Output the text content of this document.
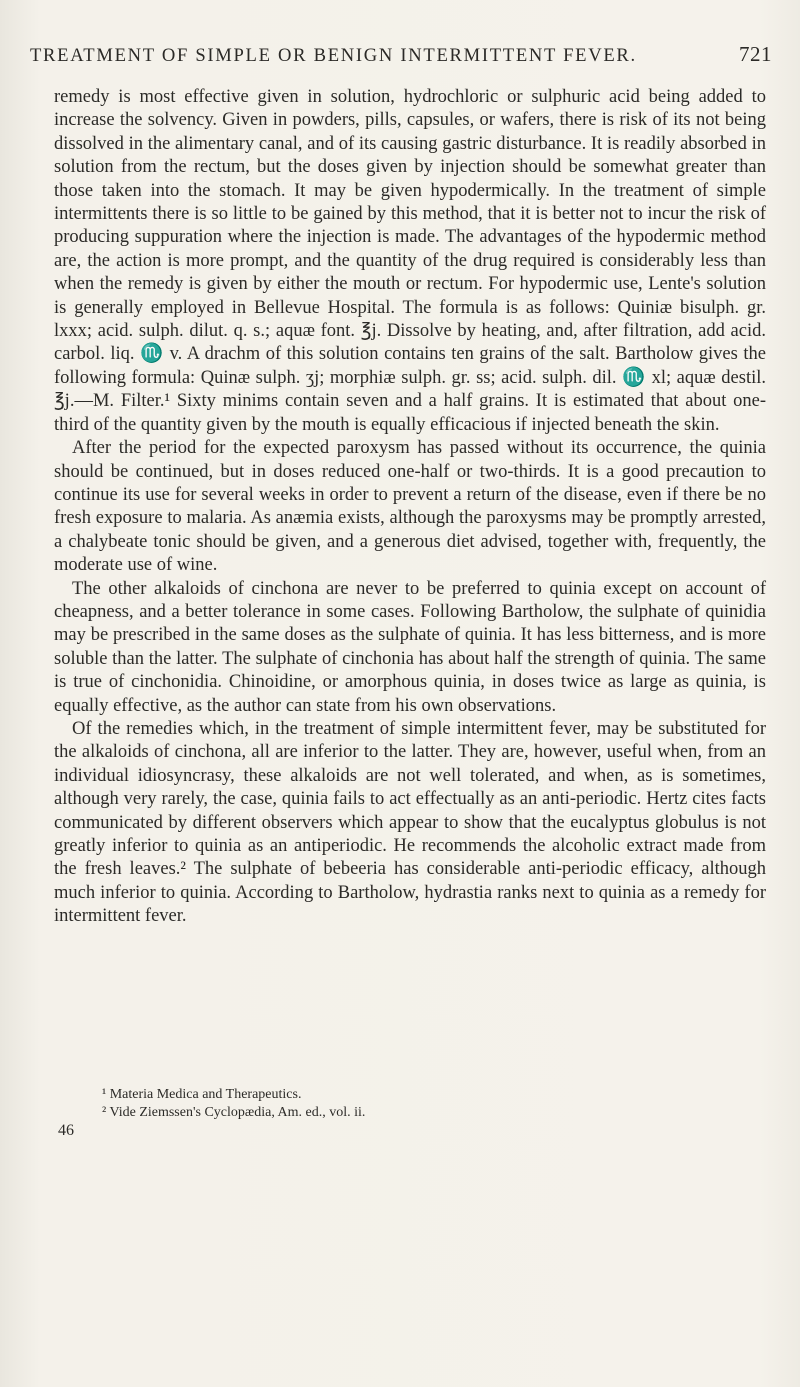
TREATMENT OF SIMPLE OR BENIGN INTERMITTENT FEVER.	721

remedy is most effective given in solution, hydrochloric or sulphuric acid being added to increase the solvency. Given in powders, pills, capsules, or wafers, there is risk of its not being dissolved in the alimentary canal, and of its causing gastric disturbance. It is readily absorbed in solution from the rectum, but the doses given by injection should be somewhat greater than those taken into the stomach. It may be given hypodermically. In the treatment of simple intermittents there is so little to be gained by this method, that it is better not to incur the risk of producing suppuration where the injection is made. The advantages of the hypodermic method are, the action is more prompt, and the quantity of the drug required is considerably less than when the remedy is given by either the mouth or rectum. For hypodermic use, Lente's solution is generally employed in Bellevue Hospital. The formula is as follows: Quiniæ bisulph. gr. lxxx; acid. sulph. dilut. q. s.; aquæ font. ℥j. Dissolve by heating, and, after filtration, add acid. carbol. liq. ♏ v. A drachm of this solution contains ten grains of the salt. Bartholow gives the following formula: Quinæ sulph. ʒj; morphiæ sulph. gr. ss; acid. sulph. dil. ♏ xl; aquæ destil. ℥j.—M. Filter.¹ Sixty minims contain seven and a half grains. It is estimated that about one-third of the quantity given by the mouth is equally efficacious if injected beneath the skin.

After the period for the expected paroxysm has passed without its occurrence, the quinia should be continued, but in doses reduced one-half or two-thirds. It is a good precaution to continue its use for several weeks in order to prevent a return of the disease, even if there be no fresh exposure to malaria. As anæmia exists, although the paroxysms may be promptly arrested, a chalybeate tonic should be given, and a generous diet advised, together with, frequently, the moderate use of wine.

The other alkaloids of cinchona are never to be preferred to quinia except on account of cheapness, and a better tolerance in some cases. Following Bartholow, the sulphate of quinidia may be prescribed in the same doses as the sulphate of quinia. It has less bitterness, and is more soluble than the latter. The sulphate of cinchonia has about half the strength of quinia. The same is true of cinchonidia. Chinoidine, or amorphous quinia, in doses twice as large as quinia, is equally effective, as the author can state from his own observations.

Of the remedies which, in the treatment of simple intermittent fever, may be substituted for the alkaloids of cinchona, all are inferior to the latter. They are, however, useful when, from an individual idiosyncrasy, these alkaloids are not well tolerated, and when, as is sometimes, although very rarely, the case, quinia fails to act effectually as an anti-periodic. Hertz cites facts communicated by different observers which appear to show that the eucalyptus globulus is not greatly inferior to quinia as an antiperiodic. He recommends the alcoholic extract made from the fresh leaves.² The sulphate of bebeeria has considerable anti-periodic efficacy, although much inferior to quinia. According to Bartholow, hydrastia ranks next to quinia as a remedy for intermittent fever.

¹ Materia Medica and Therapeutics.
² Vide Ziemssen's Cyclopædia, Am. ed., vol. ii.
46
